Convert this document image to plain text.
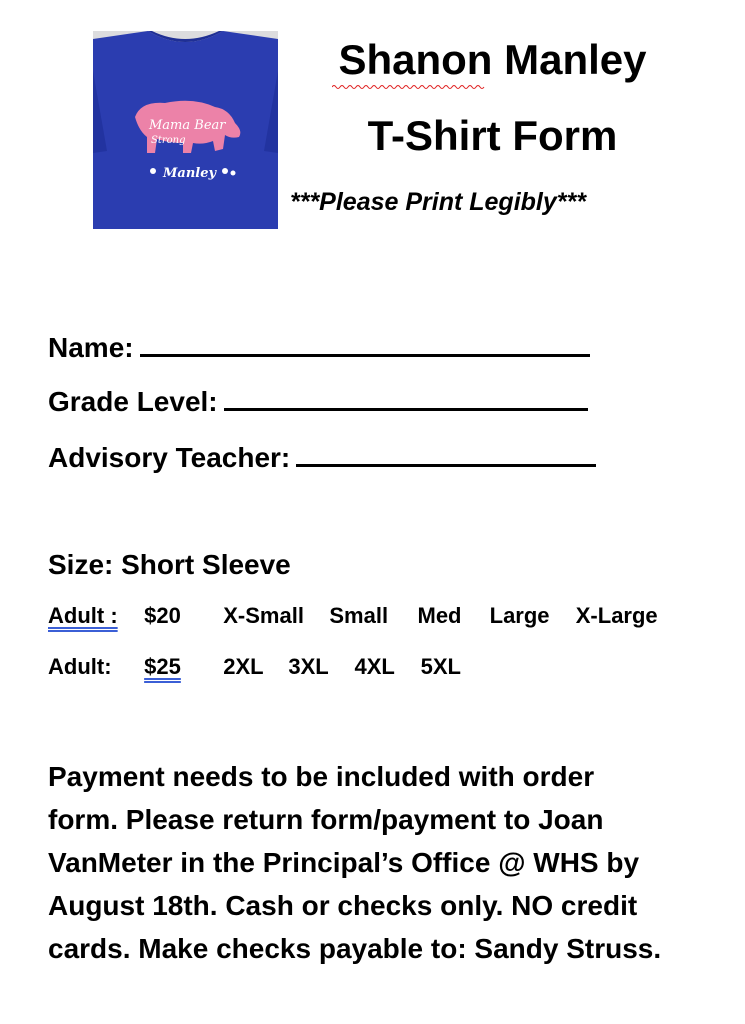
Mama Bear
Strong
Manley
Shanon Manley
T-Shirt Form
***Please Print Legibly***
Name:
Grade Level:
Advisory Teacher:
Size: Short Sleeve
Adult : $20 X-Small Small Med Large X-Large
Adult: $25 2XL 3XL 4XL 5XL
Payment needs to be included with order
form. Please return form/payment to Joan
VanMeter in the Principal’s Office @ WHS by
August 18th. Cash or checks only. NO credit
cards. Make checks payable to: Sandy Struss.
